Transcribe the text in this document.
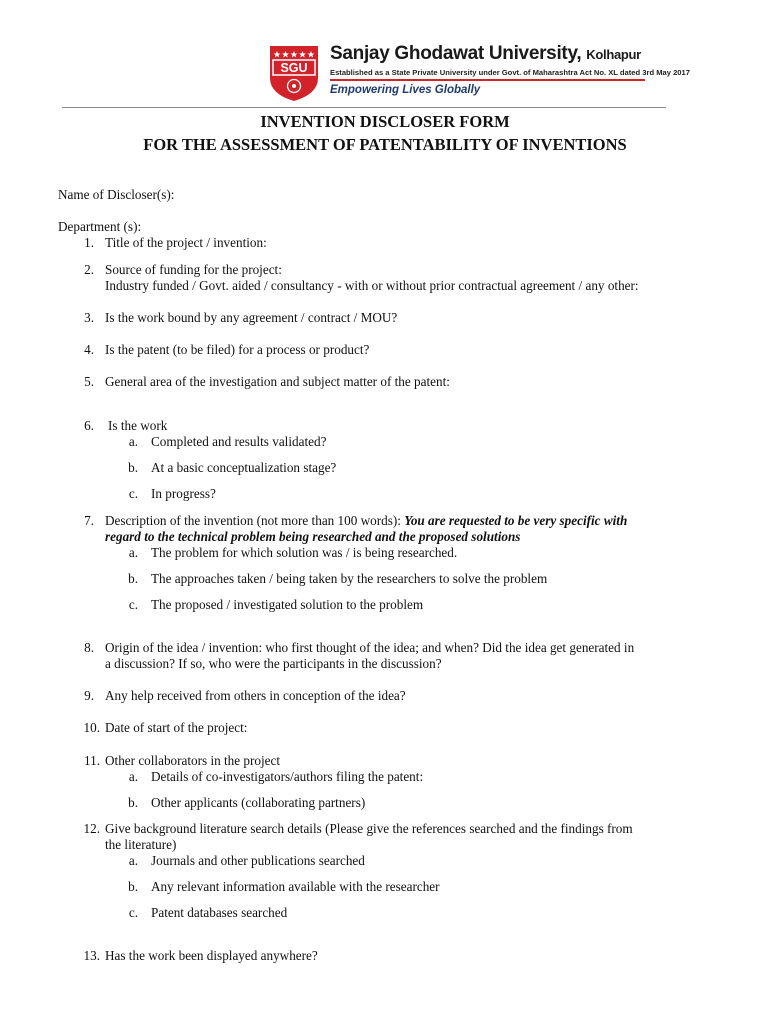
SGU
Sanjay Ghodawat University, Kolhapur
Established as a State Private University under Govt. of Maharashtra Act No. XL dated 3rd May 2017
Empowering Lives Globally
INVENTION DISCLOSER FORM
FOR THE ASSESSMENT OF PATENTABILITY OF INVENTIONS
Name of Discloser(s):
Department (s):
1. Title of the project / invention:
2. Source of funding for the project:
Industry funded / Govt. aided / consultancy - with or without prior contractual agreement / any other:
3. Is the work bound by any agreement / contract / MOU?
4. Is the patent (to be filed) for a process or product?
5. General area of the investigation and subject matter of the patent:
6. Is the work
a. Completed and results validated?
b. At a basic conceptualization stage?
c. In progress?
7. Description of the invention (not more than 100 words): You are requested to be very specific with
regard to the technical problem being researched and the proposed solutions
a. The problem for which solution was / is being researched.
b. The approaches taken / being taken by the researchers to solve the problem
c. The proposed / investigated solution to the problem
8. Origin of the idea / invention: who first thought of the idea; and when? Did the idea get generated in
a discussion? If so, who were the participants in the discussion?
9. Any help received from others in conception of the idea?
10. Date of start of the project:
11. Other collaborators in the project
a. Details of co-investigators/authors filing the patent:
b. Other applicants (collaborating partners)
12. Give background literature search details (Please give the references searched and the findings from
the literature)
a. Journals and other publications searched
b. Any relevant information available with the researcher
c. Patent databases searched
13. Has the work been displayed anywhere?
